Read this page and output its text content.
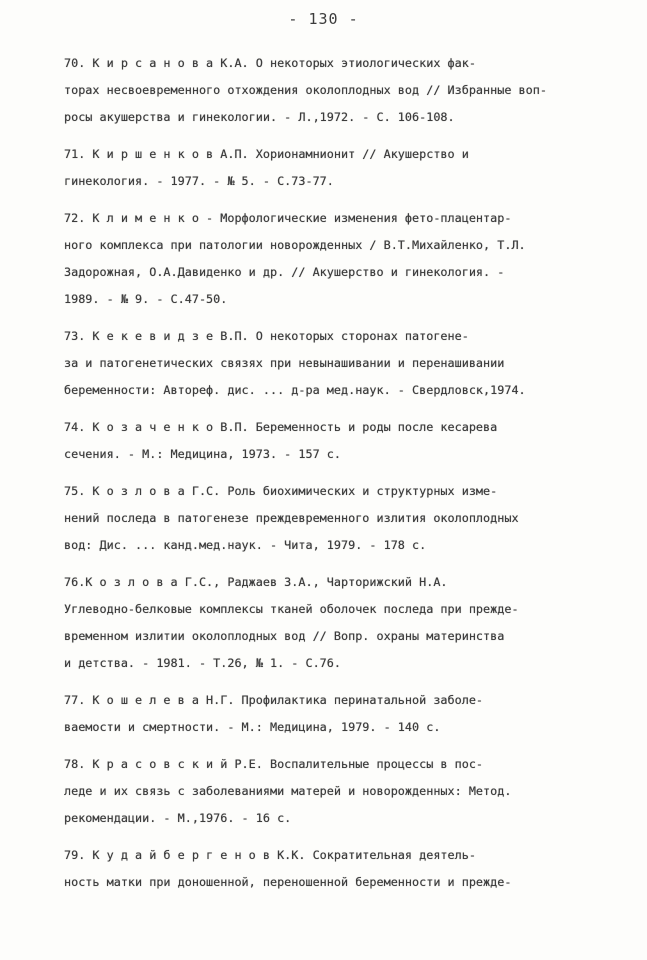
- 130 -
70. К и р с а н о в а К.А. О некоторых этиологических фак-
торах несвоевременного отхождения околоплодных вод // Избранные воп-
росы акушерства и гинекологии. - Л.,1972. - С. 106-108.
71. К и р ш е н к о в А.П. Хорионамнионит // Акушерство и
гинекология. - 1977. - № 5. - С.73-77.
72. К л и м е н к о - Морфологические изменения фето-плацентар-
ного комплекса при патологии новорожденных / В.Т.Михайленко, Т.Л.
Задорожная, О.А.Давиденко и др. // Акушерство и гинекология. -
1989. - № 9. - С.47-50.
73. К е к е в и д з е В.П. О некоторых сторонах патогене-
за и патогенетических связях при невынашивании и перенашивании
беременности: Автореф. дис. ... д-ра мед.наук. - Свердловск,1974.
74. К о з а ч е н к о В.П. Беременность и роды после кесарева
сечения. - М.: Медицина, 1973. - 157 с.
75. К о з л о в а Г.С. Роль биохимических и структурных изме-
нений последа в патогенезе преждевременного излития околоплодных
вод: Дис. ... канд.мед.наук. - Чита, 1979. - 178 с.
76.К о з л о в а Г.С., Раджаев З.А., Чарторижский Н.А.
Углеводно-белковые комплексы тканей оболочек последа при прежде-
временном излитии околоплодных вод // Вопр. охраны материнства
и детства. - 1981. - Т.26, № 1. - С.76.
77. К о ш е л е в а Н.Г. Профилактика перинатальной заболе-
ваемости и смертности. - М.: Медицина, 1979. - 140 с.
78. К р а с о в с к и й Р.Е. Воспалительные процессы в пос-
леде и их связь с заболеваниями матерей и новорожденных: Метод.
рекомендации. - М.,1976. - 16 с.
79. К у д а й б е р г е н о в К.К. Сократительная деятель-
ность матки при доношенной, переношенной беременности и прежде-
